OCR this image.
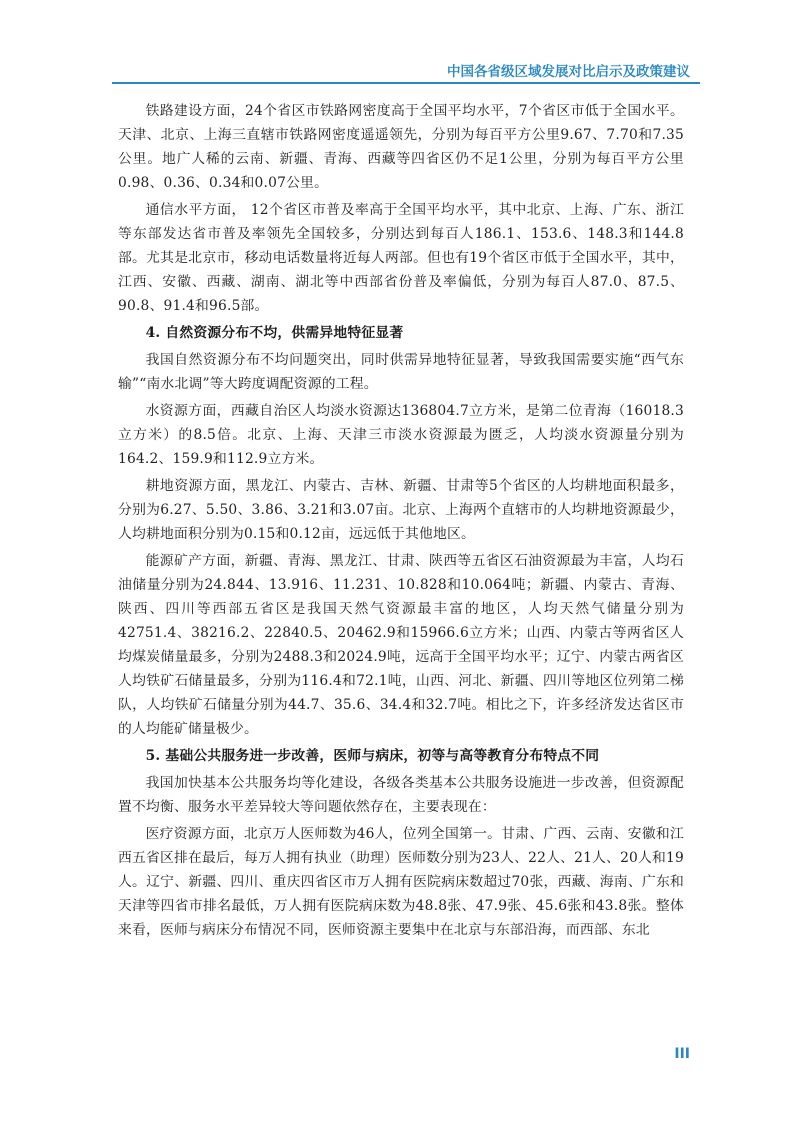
中国各省级区域发展对比启示及政策建议

铁路建设方面，24个省区市铁路网密度高于全国平均水平，7个省区市低于全国水平。天津、北京、上海三直辖市铁路网密度遥遥领先，分别为每百平方公里9.67、7.70和7.35公里。地广人稀的云南、新疆、青海、西藏等四省区仍不足1公里，分别为每百平方公里0.98、0.36、0.34和0.07公里。

通信水平方面， 12个省区市普及率高于全国平均水平，其中北京、上海、广东、浙江等东部发达省市普及率领先全国较多，分别达到每百人186.1、153.6、148.3和144.8部。尤其是北京市，移动电话数量将近每人两部。但也有19个省区市低于全国水平，其中，江西、安徽、西藏、湖南、湖北等中西部省份普及率偏低，分别为每百人87.0、87.5、90.8、91.4和96.5部。

4. 自然资源分布不均，供需异地特征显著

我国自然资源分布不均问题突出，同时供需异地特征显著，导致我国需要实施“西气东输”“南水北调”等大跨度调配资源的工程。

水资源方面，西藏自治区人均淡水资源达136804.7立方米，是第二位青海（16018.3立方米）的8.5倍。北京、上海、天津三市淡水资源最为匮乏，人均淡水资源量分别为164.2、159.9和112.9立方米。

耕地资源方面，黑龙江、内蒙古、吉林、新疆、甘肃等5个省区的人均耕地面积最多，分别为6.27、5.50、3.86、3.21和3.07亩。北京、上海两个直辖市的人均耕地资源最少，人均耕地面积分别为0.15和0.12亩，远远低于其他地区。

能源矿产方面，新疆、青海、黑龙江、甘肃、陕西等五省区石油资源最为丰富，人均石油储量分别为24.844、13.916、11.231、10.828和10.064吨；新疆、内蒙古、青海、陕西、四川等西部五省区是我国天然气资源最丰富的地区，人均天然气储量分别为 42751.4、38216.2、22840.5、20462.9和15966.6立方米；山西、内蒙古等两省区人均煤炭储量最多，分别为2488.3和2024.9吨，远高于全国平均水平；辽宁、内蒙古两省区人均铁矿石储量最多，分别为116.4和72.1吨，山西、河北、新疆、四川等地区位列第二梯队，人均铁矿石储量分别为44.7、35.6、34.4和32.7吨。相比之下，许多经济发达省区市的人均能矿储量极少。

5. 基础公共服务进一步改善，医师与病床，初等与高等教育分布特点不同

我国加快基本公共服务均等化建设，各级各类基本公共服务设施进一步改善，但资源配置不均衡、服务水平差异较大等问题依然存在，主要表现在：

医疗资源方面，北京万人医师数为46人，位列全国第一。甘肃、广西、云南、安徽和江西五省区排在最后，每万人拥有执业（助理）医师数分别为23人、22人、21人、20人和19人。辽宁、新疆、四川、重庆四省区市万人拥有医院病床数超过70张，西藏、海南、广东和天津等四省市排名最低，万人拥有医院病床数为48.8张、47.9张、45.6张和43.8张。整体来看，医师与病床分布情况不同，医师资源主要集中在北京与东部沿海，而西部、东北

III
